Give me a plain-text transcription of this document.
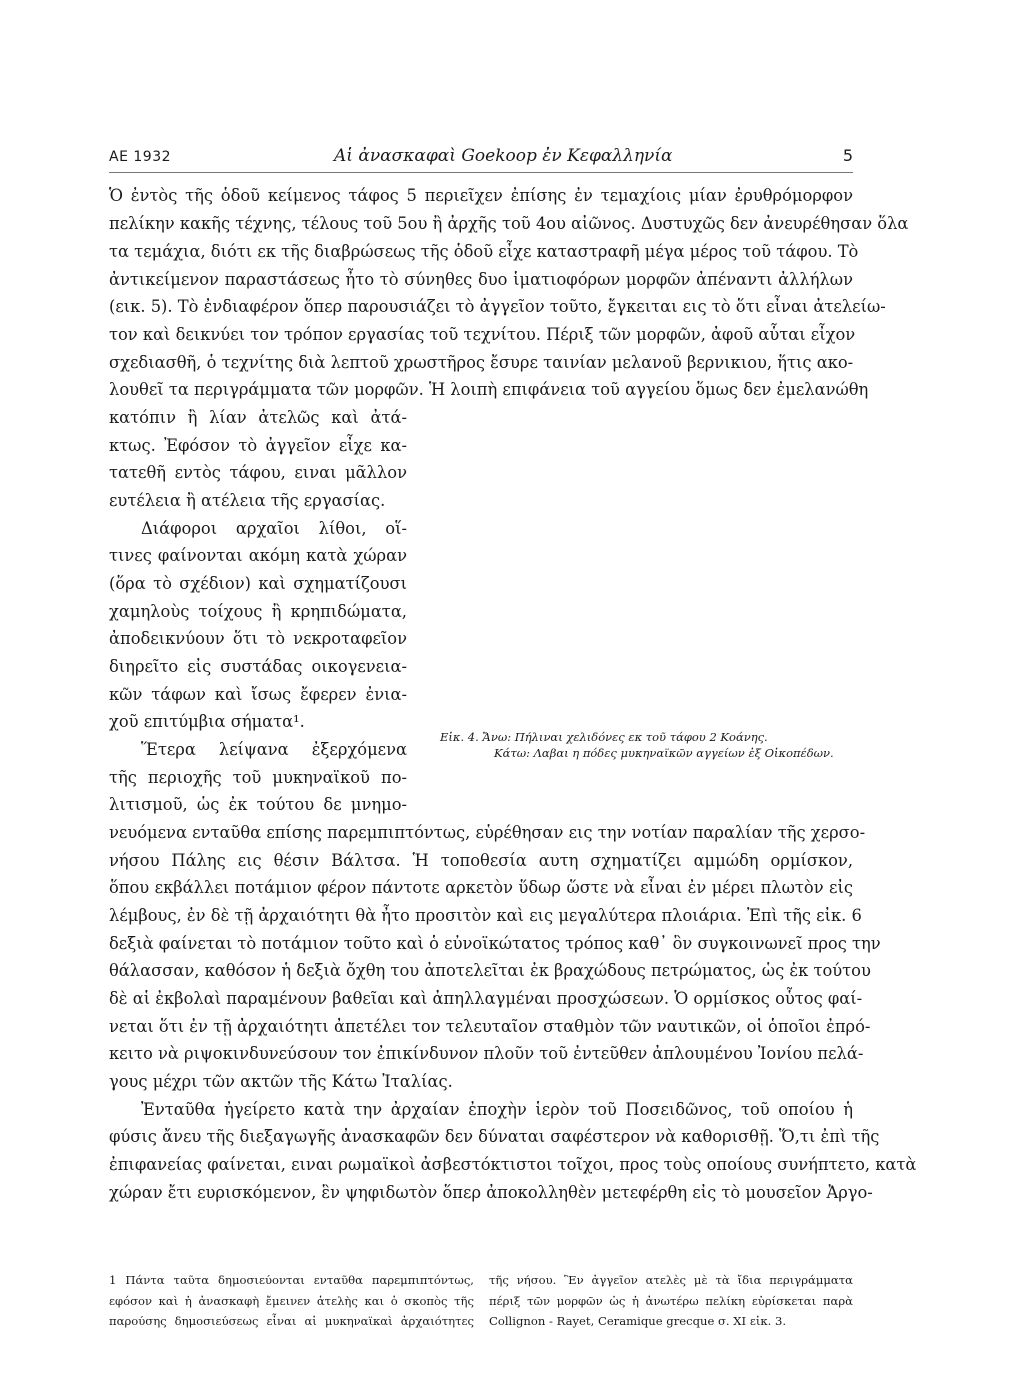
ΑΕ 1932	Αἱ ἀνασκαφαὶ Goekoop ἐν Κεφαλληνία	5
Ὁ ἐντὸς τῆς ὁδοῦ κείμενος τάφος 5 περιεῖχεν ἐπίσης ἐν τεμαχίοις μίαν ἐρυθρόμορφον
πελίκην κακῆς τέχνης, τέλους τοῦ 5ου ἢ ἀρχῆς τοῦ 4ου αἰῶνος. Δυστυχῶς δεν ἀνευρέθησαν ὅλα
τα τεμάχια, διότι εκ τῆς διαβρώσεως τῆς ὁδοῦ εἶχε καταστραφῆ μέγα μέρος τοῦ τάφου. Τὸ
ἀντικείμενον παραστάσεως ἦτο τὸ σύνηθες δυο ἱματιοφόρων μορφῶν ἀπέναντι ἀλλήλων
(εικ. 5). Τὸ ἐνδιαφέρον ὅπερ παρουσιάζει τὸ ἀγγεῖον τοῦτο, ἔγκειται εις τὸ ὅτι εἶναι ἀτελείω-
τον καὶ δεικνύει τον τρόπον εργασίας τοῦ τεχνίτου. Πέριξ τῶν μορφῶν, ἀφοῦ αὗται εἶχον
σχεδιασθῆ, ὁ τεχνίτης διὰ λεπτοῦ χρωστῆρος ἔσυρε ταινίαν μελανοῦ βερνικιου, ἥτις ακο-
λουθεῖ τα περιγράμματα τῶν μορφῶν. Ἡ λοιπὴ επιφάνεια τοῦ αγγείου ὅμως δεν ἐμελανώθη
κατόπιν ἢ λίαν ἀτελῶς καὶ ἀτά-
κτως. Ἐφόσον τὸ ἀγγεῖον εἶχε κα-
τατεθῆ εντὸς τάφου, ειναι μᾶλλον
ευτέλεια ἢ ατέλεια τῆς εργασίας.
Διάφοροι αρχαῖοι λίθοι, οἵ-
τινες φαίνονται ακόμη κατὰ χώραν
(ὅρα τὸ σχέδιον) καὶ σχηματίζουσι
χαμηλοὺς τοίχους ἢ κρηπιδώματα,
ἀποδεικνύουν ὅτι τὸ νεκροταφεῖον
διηρεῖτο εἰς συστάδας οικογενεια-
κῶν τάφων καὶ ἴσως ἔφερεν ἐνια-
χοῦ επιτύμβια σήματα¹.
Ἕτερα λείψανα ἐξερχόμενα
τῆς περιοχῆς τοῦ μυκηναϊκοῦ πο-
λιτισμοῦ, ὡς ἐκ τούτου δε μνημο-
Εἰκ. 4. Ἄνω: Πήλιναι χελιδόνες εκ τοῦ τάφου 2 Κοάνης.
Κάτω: Λαβαι η πόδες μυκηναϊκῶν αγγείων ἐξ Οἰκοπέδων.
νευόμενα ενταῦθα επίσης παρεμπιπτόντως, εὑρέθησαν εις την νοτίαν παραλίαν τῆς χερσο-
νήσου Πάλης εις θέσιν Βάλτσα. Ἡ τοποθεσία αυτη σχηματίζει αμμώδη ορμίσκον,
ὅπου εκβάλλει ποτάμιον φέρον πάντοτε αρκετὸν ὕδωρ ὥστε νὰ εἶναι ἐν μέρει πλωτὸν εἰς
λέμβους, ἐν δὲ τῇ ἀρχαιότητι θὰ ἦτο προσιτὸν καὶ εις μεγαλύτερα πλοιάρια. Ἐπὶ τῆς εἰκ. 6
δεξιὰ φαίνεται τὸ ποτάμιον τοῦτο καὶ ὁ εὐνοϊκώτατος τρόπος καθ᾽ ὃν συγκοινωνεῖ προς την
θάλασσαν, καθόσον ἡ δεξιὰ ὄχθη του ἀποτελεῖται ἐκ βραχώδους πετρώματος, ὡς ἐκ τούτου
δὲ αἱ ἐκβολαὶ παραμένουν βαθεῖαι καὶ ἀπηλλαγμέναι προσχώσεων. Ὁ ορμίσκος οὗτος φαί-
νεται ὅτι ἐν τῇ ἀρχαιότητι ἀπετέλει τον τελευταῖον σταθμὸν τῶν ναυτικῶν, οἱ ὁποῖοι ἐπρό-
κειτο νὰ ριψοκινδυνεύσουν τον ἐπικίνδυνον πλοῦν τοῦ ἐντεῦθεν ἀπλουμένου Ἰονίου πελά-
γους μέχρι τῶν ακτῶν τῆς Κάτω Ἰταλίας.
Ἐνταῦθα ἠγείρετο κατὰ την ἀρχαίαν ἐποχὴν ἱερὸν τοῦ Ποσειδῶνος, τοῦ οποίου ἡ
φύσις ἄνευ τῆς διεξαγωγῆς ἀνασκαφῶν δεν δύναται σαφέστερον νὰ καθορισθῇ. Ὅ,τι ἐπὶ τῆς
ἐπιφανείας φαίνεται, ειναι ρωμαϊκοὶ ἀσβεστόκτιστοι τοῖχοι, προς τοὺς οποίους συνήπτετο, κατὰ
χώραν ἔτι ευρισκόμενον, ἓν ψηφιδωτὸν ὅπερ ἀποκολληθὲν μετεφέρθη εἰς τὸ μουσεῖον Ἀργο-
1 Πάντα ταῦτα δημοσιεύονται ενταῦθα παρεμπιπτόντως,
εφόσον καὶ ἡ ἀνασκαφὴ ἔμεινεν ἀτελὴς και ὁ σκοπὸς τῆς
παρούσης δημοσιεύσεως εἶναι αἱ μυκηναϊκαὶ ἀρχαιότητες
τῆς νήσου. Ἓν ἀγγεῖον ατελὲς μὲ τὰ ἴδια περιγράμματα
πέριξ τῶν μορφῶν ὡς ἡ ἀνωτέρω πελίκη εὑρίσκεται παρὰ
Collignon - Rayet, Ceramique grecque σ. XI εἰκ. 3.
